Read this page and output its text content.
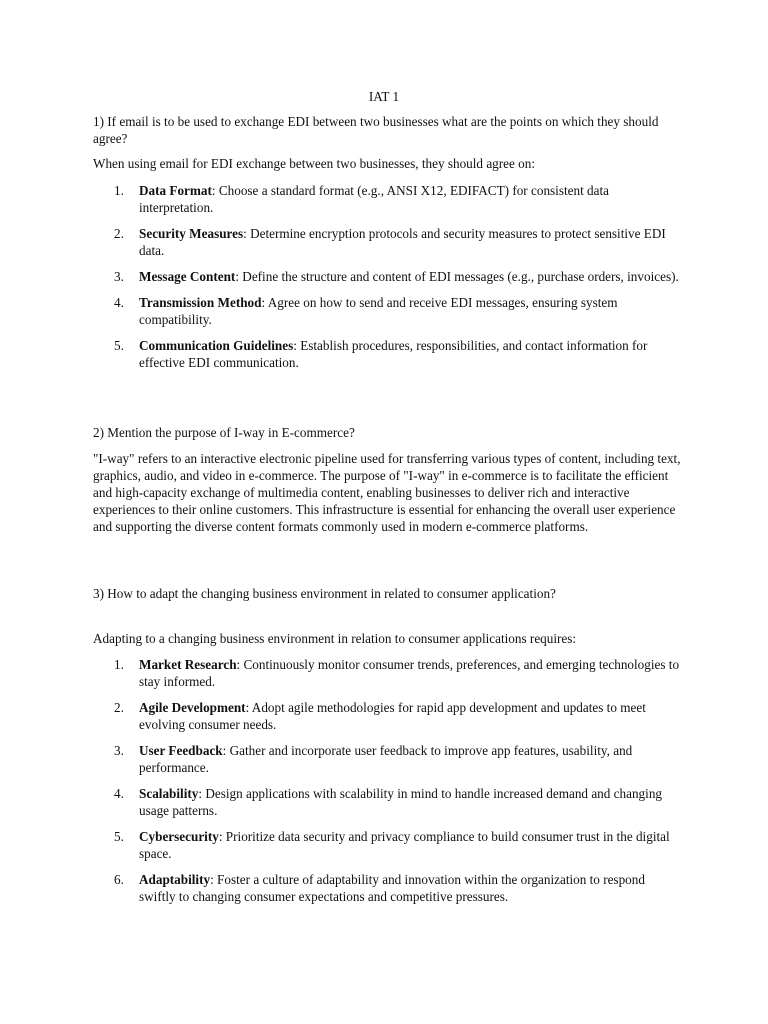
IAT 1

1) If email is to be used to exchange EDI between two businesses what are the points on which they should agree?

When using email for EDI exchange between two businesses, they should agree on:

1. Data Format: Choose a standard format (e.g., ANSI X12, EDIFACT) for consistent data interpretation.
2. Security Measures: Determine encryption protocols and security measures to protect sensitive EDI data.
3. Message Content: Define the structure and content of EDI messages (e.g., purchase orders, invoices).
4. Transmission Method: Agree on how to send and receive EDI messages, ensuring system compatibility.
5. Communication Guidelines: Establish procedures, responsibilities, and contact information for effective EDI communication.

2) Mention the purpose of I-way in E-commerce?

"I-way" refers to an interactive electronic pipeline used for transferring various types of content, including text, graphics, audio, and video in e-commerce. The purpose of "I-way" in e-commerce is to facilitate the efficient and high-capacity exchange of multimedia content, enabling businesses to deliver rich and interactive experiences to their online customers. This infrastructure is essential for enhancing the overall user experience and supporting the diverse content formats commonly used in modern e-commerce platforms.

3) How to adapt the changing business environment in related to consumer application?

Adapting to a changing business environment in relation to consumer applications requires:

1. Market Research: Continuously monitor consumer trends, preferences, and emerging technologies to stay informed.
2. Agile Development: Adopt agile methodologies for rapid app development and updates to meet evolving consumer needs.
3. User Feedback: Gather and incorporate user feedback to improve app features, usability, and performance.
4. Scalability: Design applications with scalability in mind to handle increased demand and changing usage patterns.
5. Cybersecurity: Prioritize data security and privacy compliance to build consumer trust in the digital space.
6. Adaptability: Foster a culture of adaptability and innovation within the organization to respond swiftly to changing consumer expectations and competitive pressures.
